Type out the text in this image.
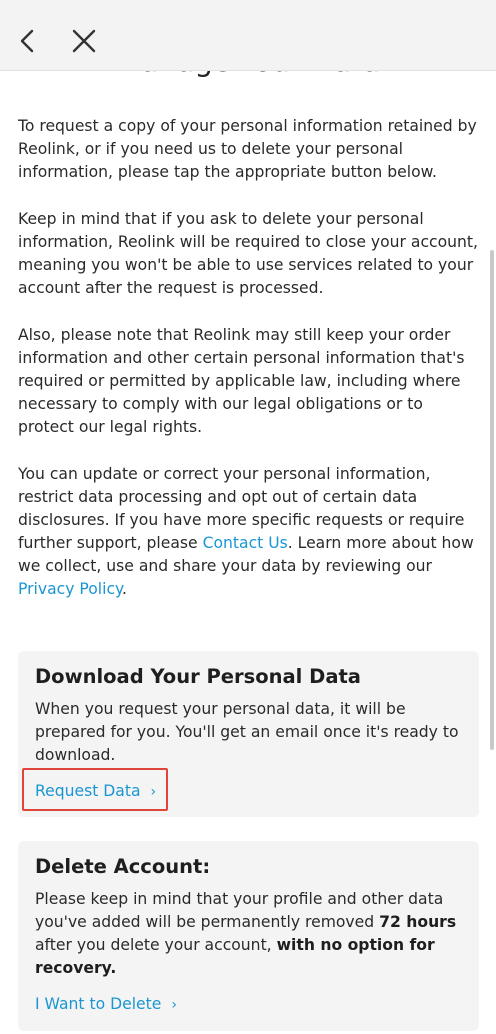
To request a copy of your personal information retained by Reolink, or if you need us to delete your personal information, please tap the appropriate button below.

Keep in mind that if you ask to delete your personal information, Reolink will be required to close your account, meaning you won't be able to use services related to your account after the request is processed.

Also, please note that Reolink may still keep your order information and other certain personal information that's required or permitted by applicable law, including where necessary to comply with our legal obligations or to protect our legal rights.

You can update or correct your personal information, restrict data processing and opt out of certain data disclosures. If you have more specific requests or require further support, please Contact Us. Learn more about how we collect, use and share your data by reviewing our Privacy Policy.

Download Your Personal Data

When you request your personal data, it will be prepared for you. You'll get an email once it's ready to download.

Request Data ›
Delete Account:

Please keep in mind that your profile and other data you've added will be permanently removed 72 hours after you delete your account, with no option for recovery.

I Want to Delete ›
